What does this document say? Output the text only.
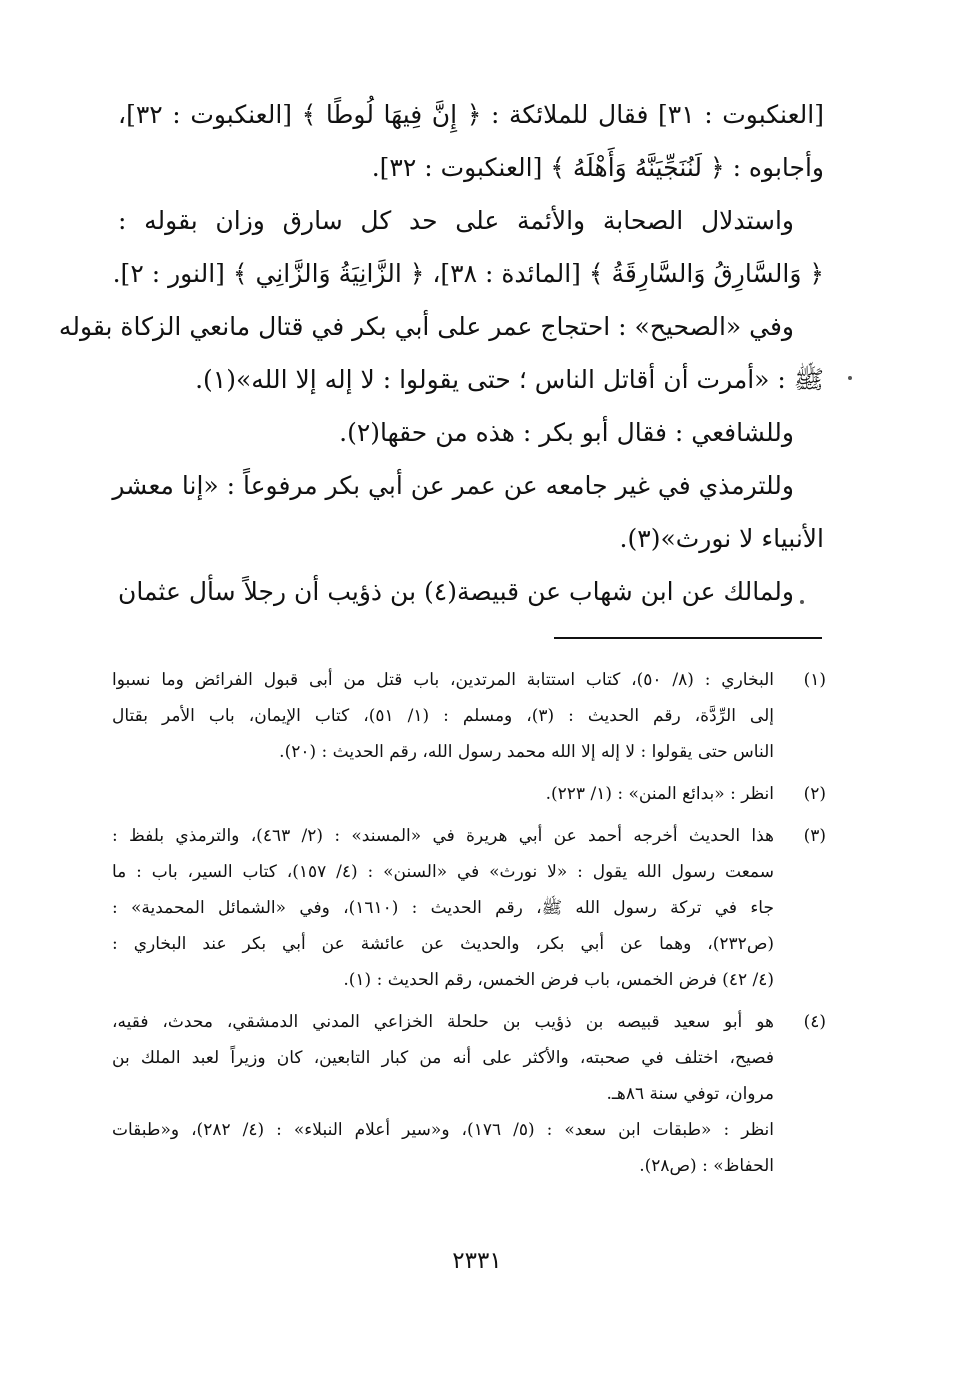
[العنكبوت : ٣١] فقال للملائكة : ﴿ إِنَّ فِيهَا لُوطًا ﴾ [العنكبوت : ٣٢]،
وأجابوه : ﴿ لَنُنَجِّيَنَّهُ وَأَهْلَهُ ﴾ [العنكبوت : ٣٢].
واستدلال الصحابة والأئمة على حد كل سارق وزان بقوله :
﴿ وَالسَّارِقُ وَالسَّارِقَةُ ﴾ [المائدة : ٣٨]، ﴿ الزَّانِيَةُ وَالزَّانِي ﴾ [النور : ٢].
وفي «الصحيح» : احتجاج عمر على أبي بكر في قتال مانعي الزكاة بقوله
ﷺ : «أمرت أن أقاتل الناس ؛ حتى يقولوا : لا إله إلا الله»(١).
وللشافعي : فقال أبو بكر : هذه من حقها(٢).
وللترمذي في غير جامعه عن عمر عن أبي بكر مرفوعاً : «إنا معشر
الأنبياء لا نورث»(٣).
ولمالك عن ابن شهاب عن قبيصة(٤) بن ذؤيب أن رجلاً سأل عثمان
(١)
البخاري : (٨/ ٥٠)، كتاب استتابة المرتدين، باب قتل من أبى قبول الفرائض وما نسبوا
إلى الرِّدَّة، رقم الحديث : (٣)، ومسلم : (١/ ٥١)، كتاب الإيمان، باب الأمر بقتال
الناس حتى يقولوا : لا إله إلا الله محمد رسول الله، رقم الحديث : (٢٠).
(٢)
انظر : «بدائع المنن» : (١/ ٢٢٣).
(٣)
هذا الحديث أخرجه أحمد عن أبي هريرة في «المسند» : (٢/ ٤٦٣)، والترمذي بلفظ :
سمعت رسول الله يقول : «لا نورث» في «السنن» : (٤/ ١٥٧)، كتاب السير، باب : ما
جاء في تركة رسول الله ﷺ، رقم الحديث : (١٦١٠)، وفي «الشمائل المحمدية» :
(ص٢٣٢)، وهما عن أبي بكر، والحديث عن عائشة عن أبي بكر عند البخاري :
(٤/ ٤٢) فرض الخمس، باب فرض الخمس، رقم الحديث : (١).
(٤)
هو أبو سعيد قبيصه بن ذؤيب بن حلحلة الخزاعي المدني الدمشقي، محدث، فقيه،
فصيح، اختلف في صحبته، والأكثر على أنه من كبار التابعين، كان وزيراً لعبد الملك بن
مروان، توفي سنة ٨٦هـ.
انظر : «طبقات ابن سعد» : (٥/ ١٧٦)، و«سير أعلام النبلاء» : (٤/ ٢٨٢)، و«طبقات
الحفاظ» : (ص٢٨).
٢٣٣١
